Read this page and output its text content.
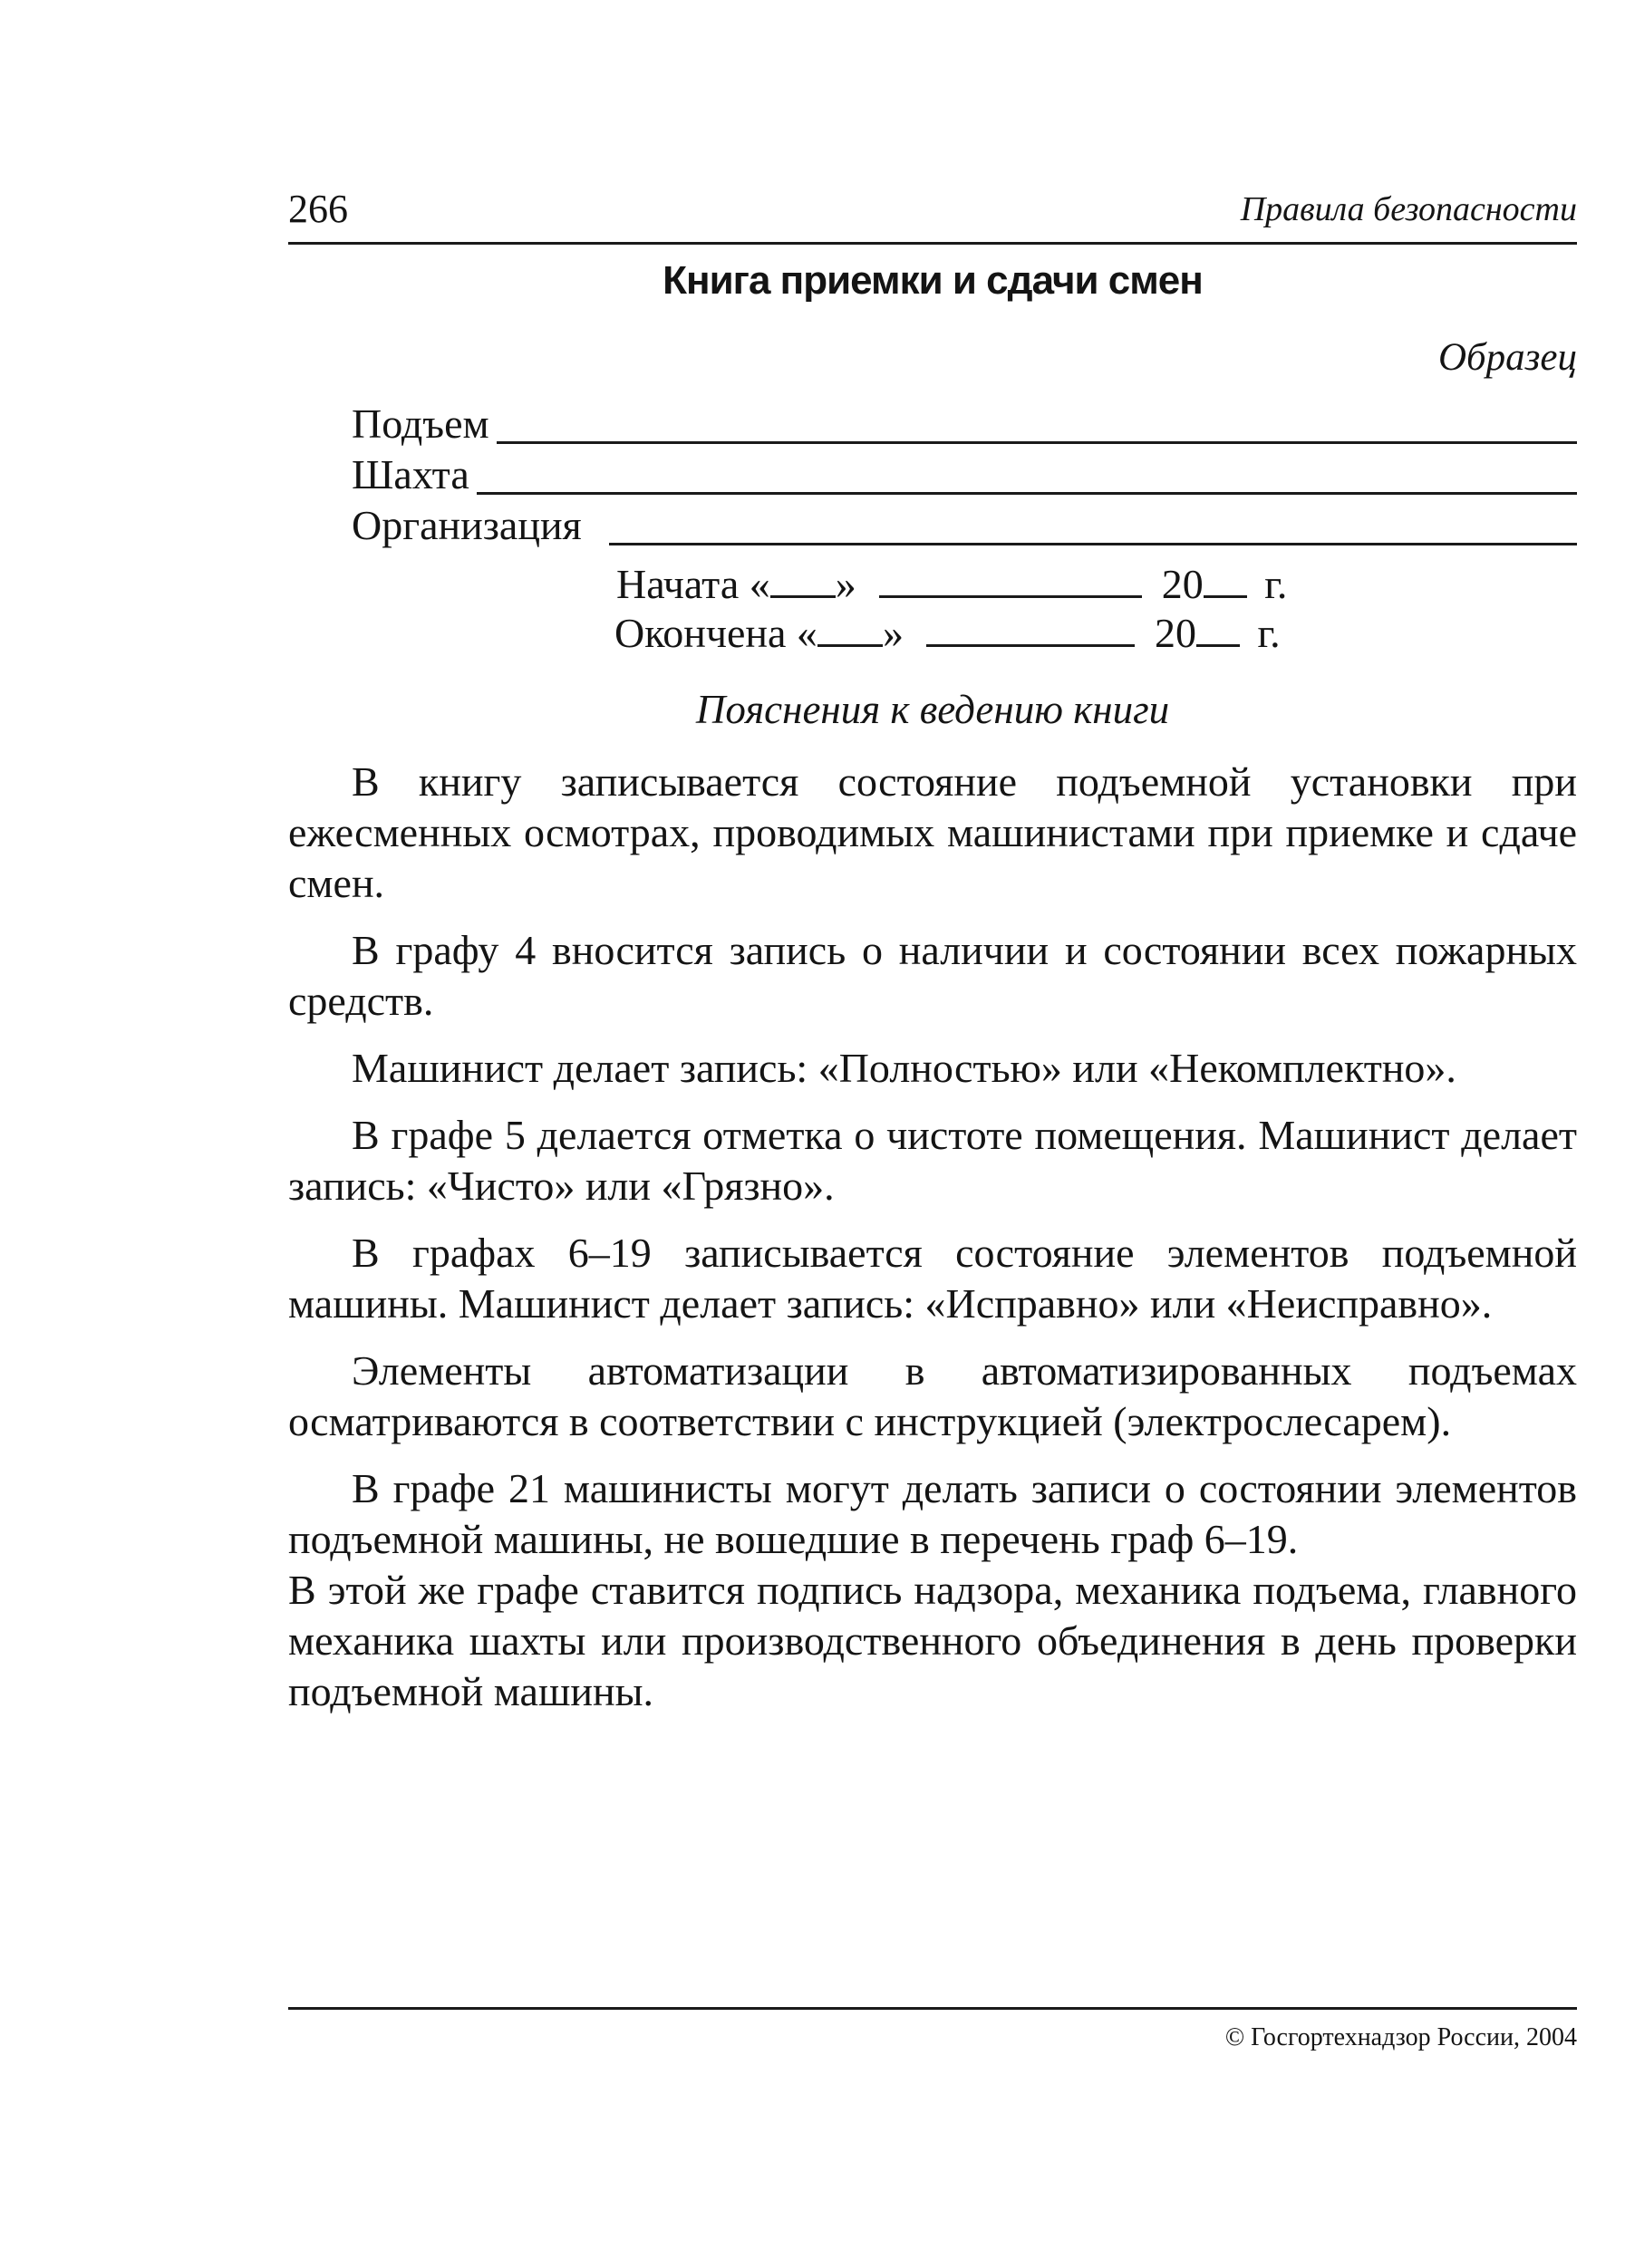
266	Правила безопасности
Книга приемки и сдачи смен
Образец
Подъем
Шахта
Организация
Начата « »	20 г.
Окончена « »	20 г.
Пояснения к ведению книги

В книгу записывается состояние подъемной установки при ежесменных осмотрах, проводимых машинистами при приемке и сдаче смен.

В графу 4 вносится запись о наличии и состоянии всех пожарных средств.

Машинист делает запись: «Полностью» или «Некомплектно».

В графе 5 делается отметка о чистоте помещения. Машинист делает запись: «Чисто» или «Грязно».

В графах 6–19 записывается состояние элементов подъемной машины. Машинист делает запись: «Исправно» или «Неисправно».

Элементы автоматизации в автоматизированных подъемах осматриваются в соответствии с инструкцией (электрослесарем).

В графе 21 машинисты могут делать записи о состоянии элементов подъемной машины, не вошедшие в перечень граф 6–19.

В этой же графе ставится подпись надзора, механика подъема, главного механика шахты или производственного объединения в день проверки подъемной машины.

© Госгортехнадзор России, 2004
